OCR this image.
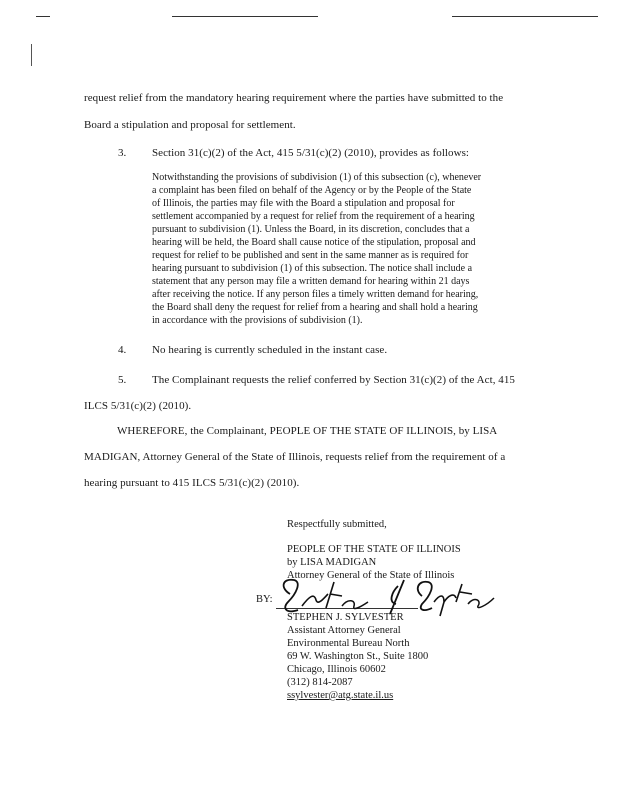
request relief from the mandatory hearing requirement where the parties have submitted to the
Board a stipulation and proposal for settlement.
3. Section 31(c)(2) of the Act, 415 5/31(c)(2) (2010), provides as follows:
Notwithstanding the provisions of subdivision (1) of this subsection (c), whenever
a complaint has been filed on behalf of the Agency or by the People of the State
of Illinois, the parties may file with the Board a stipulation and proposal for
settlement accompanied by a request for relief from the requirement of a hearing
pursuant to subdivision (1). Unless the Board, in its discretion, concludes that a
hearing will be held, the Board shall cause notice of the stipulation, proposal and
request for relief to be published and sent in the same manner as is required for
hearing pursuant to subdivision (1) of this subsection. The notice shall include a
statement that any person may file a written demand for hearing within 21 days
after receiving the notice. If any person files a timely written demand for hearing,
the Board shall deny the request for relief from a hearing and shall hold a hearing
in accordance with the provisions of subdivision (1).
4. No hearing is currently scheduled in the instant case.
5. The Complainant requests the relief conferred by Section 31(c)(2) of the Act, 415
ILCS 5/31(c)(2) (2010).
WHEREFORE, the Complainant, PEOPLE OF THE STATE OF ILLINOIS, by LISA
MADIGAN, Attorney General of the State of Illinois, requests relief from the requirement of a
hearing pursuant to 415 ILCS 5/31(c)(2) (2010).
Respectfully submitted,
PEOPLE OF THE STATE OF ILLINOIS
by LISA MADIGAN
Attorney General of the State of Illinois
BY:
STEPHEN J. SYLVESTER
Assistant Attorney General
Environmental Bureau North
69 W. Washington St., Suite 1800
Chicago, Illinois 60602
(312) 814-2087
ssylvester@atg.state.il.us
